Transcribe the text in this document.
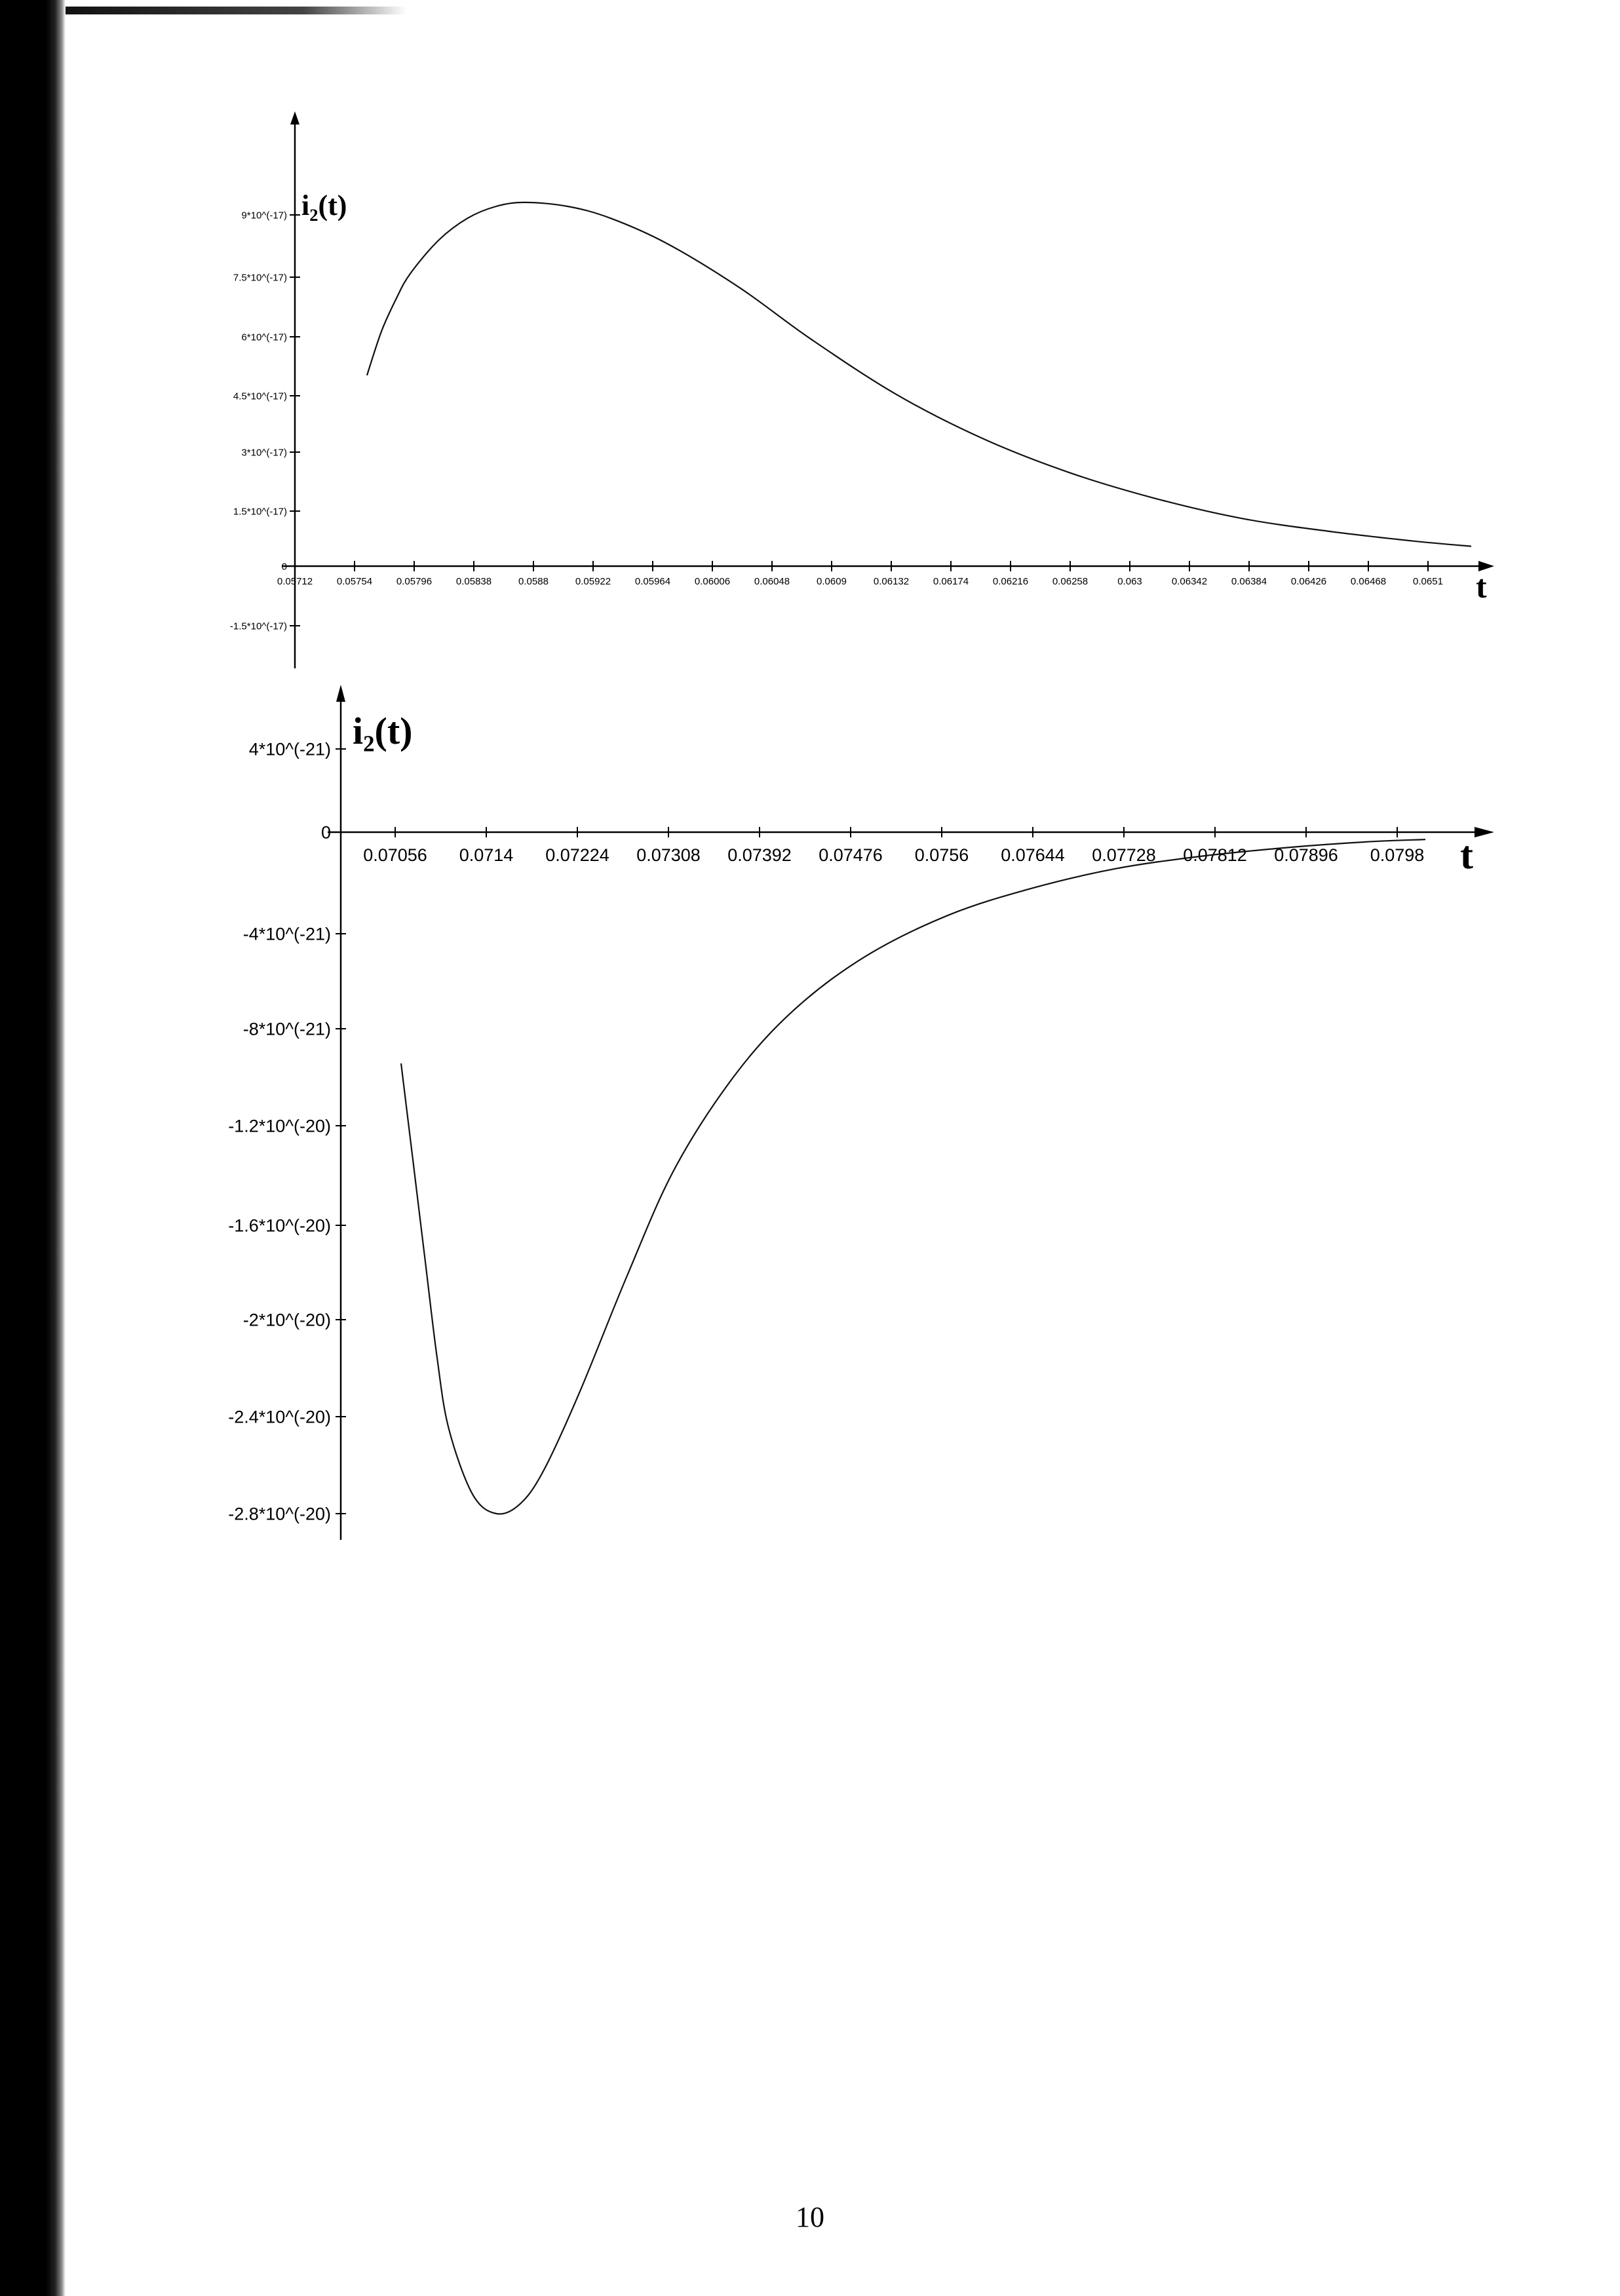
9*10^(-17)
7.5*10^(-17)
6*10^(-17)
4.5*10^(-17)
3*10^(-17)
1.5*10^(-17)
0
-1.5*10^(-17)
0.05712 0.05754 0.05796 0.05838	0.0588	0.05922 0.05964 0.06006 0.06048	0.0609	0.06132 0.06174 0.06216 0.06258	0.063	0.06342 0.06384 0.06426 0.06468	0.0651
$i_2(t)$
t
4*10^(-21)
0
-4*10^(-21)
-8*10^(-21)
-1.2*10^(-20)
-1.6*10^(-20)
-2*10^(-20)
-2.4*10^(-20)
-2.8*10^(-20)
0.07056 0.0714 0.07224 0.07308 0.07392 0.07476 0.0756 0.07644 0.07728 0.07812 0.07896 0.0798
$i_2(t)$
t
10
